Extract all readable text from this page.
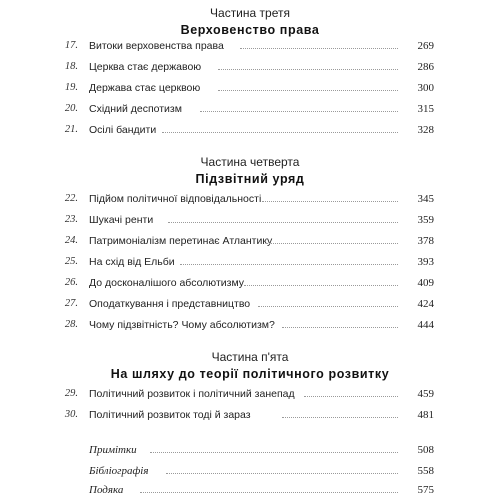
Частина третя
Верховенство права
17. Витоки верховенства права	269
18. Церква стає державою	286
19. Держава стає церквою	300
20. Східний деспотизм	315
21. Осілі бандити	328
Частина четверта
Підзвітний уряд
22. Підйом політичної відповідальності	345
23. Шукачі ренти	359
24. Патримоніалізм перетинає Атлантику	378
25. На схід від Ельби	393
26. До досконалішого абсолютизму	409
27. Оподаткування і представництво	424
28. Чому підзвітність? Чому абсолютизм?	444
Частина п'ята
На шляху до теорії політичного розвитку
29. Політичний розвиток і політичний занепад	459
30. Політичний розвиток тоді й зараз	481
Примітки	508
Бібліографія	558
Подяка	575
